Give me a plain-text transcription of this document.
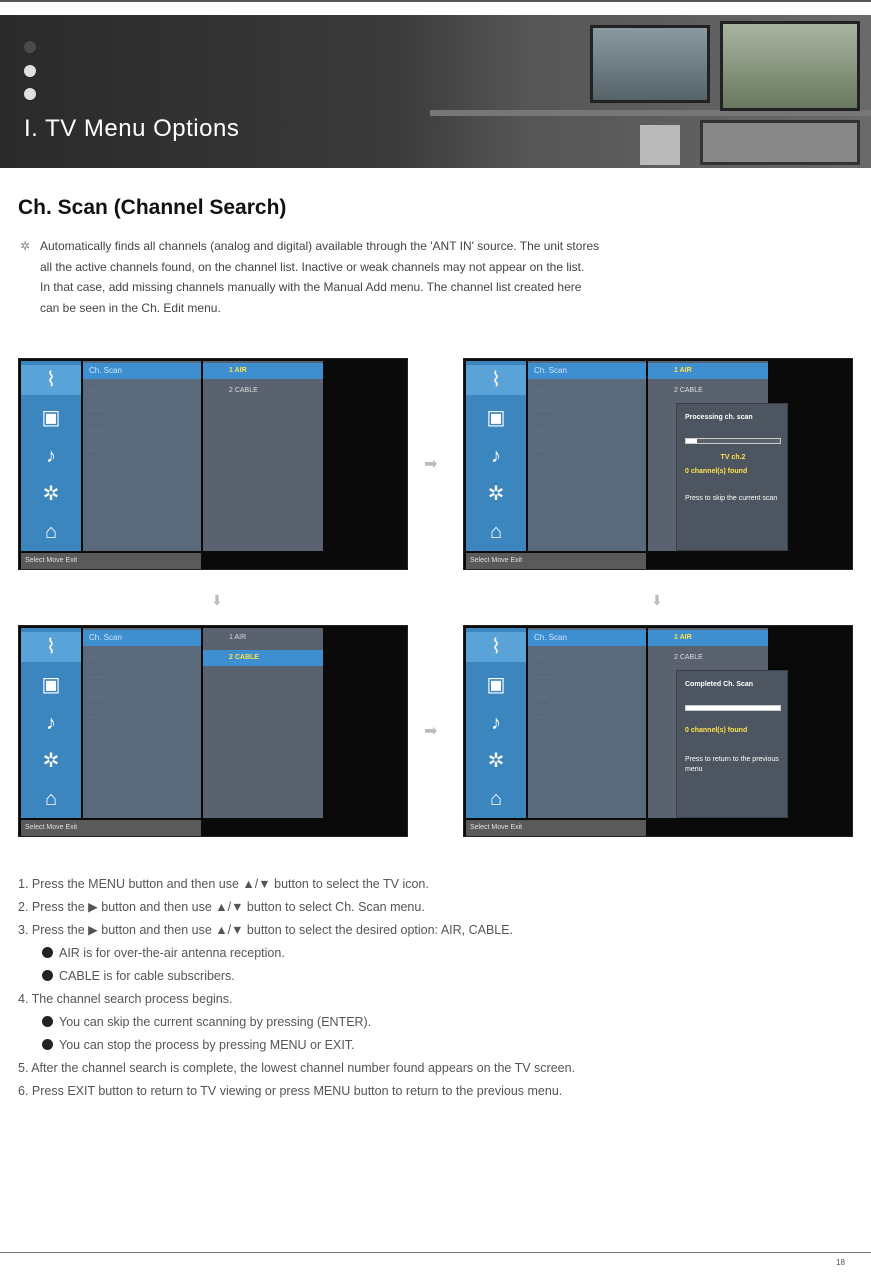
I. TV Menu Options
Ch. Scan (Channel Search)
✲ Automatically finds all channels (analog and digital) available through the 'ANT IN' source. The unit stores
all the active channels found, on the channel list. Inactive or weak channels may not appear on the list.
In that case, add missing channels manually with the Manual Add menu. The channel list created here
can be seen in the Ch. Edit menu.
⌇
▣
♪
✲
⌂
Ch. Scan
·····
·······
······
·····
1 AIR
2 CABLE
Select Move Exit
➡
⌇
▣
♪
✲
⌂
Ch. Scan
·····
·······
······
·····
1 AIR
2 CABLE
Processing ch. scan
TV ch.2
0 channel(s) found
Press to skip the current scan
Select Move Exit
⬇	⬇
⌇
▣
♪
✲
⌂
Ch. Scan
·····
·······
······
·····
1 AIR
2 CABLE
Select Move Exit
➡
⌇
▣
♪
✲
⌂
Ch. Scan
·····
·······
······
·····
1 AIR
2 CABLE
Completed Ch. Scan
0 channel(s) found
Press to return to the previous menu
Select Move Exit
1. Press the MENU button and then use ▲/▼ button to select the TV icon.
2. Press the ▶ button and then use ▲/▼ button to select Ch. Scan menu.
3. Press the ▶ button and then use ▲/▼ button to select the desired option: AIR, CABLE.
AIR is for over-the-air antenna reception.
CABLE is for cable subscribers.
4. The channel search process begins.
You can skip the current scanning by pressing (ENTER).
You can stop the process by pressing MENU or EXIT.
5. After the channel search is complete, the lowest channel number found appears on the TV screen.
6. Press EXIT button to return to TV viewing or press MENU button to return to the previous menu.
18
